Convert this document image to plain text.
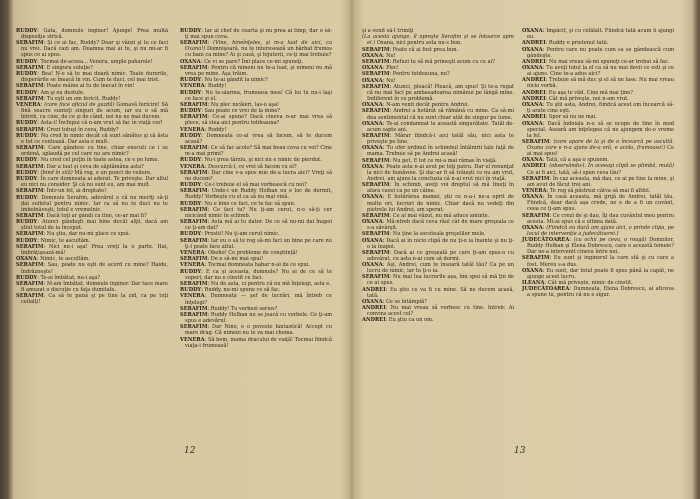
RUDDY: Gata, domnule inginer! Ajunge! Prea multă dispoziţie strică.

SERAFIM: Şi ce ai fac, Ruddy? Doar şi vânzi şi tu ce faci nu vrei. Dacă cazi am. Doamna mai ai tu, şi nu mi-ar fi spus ce ai spus.

RUDDY: Tocmai de-aceea... Venera, umple paharele!

SERAFIM: E singura soluţie?

RUDDY: Bea! N-o să te mai doară nimic. Toate durerile, disperările se îneacă în vin. Cum te duci, cel mai trist.

SERAFIM: Poate mâine ai tu de înecat în vin!

RUDDY: Am şi eu destule.

SERAFIM: Tu eşti un om fericit, Ruddy!

VENERA: (care face oficiul de gazdă) Gomavă fericire! Să fină soacre sunteţi singuri de acum, iar eu o să mă întreb, cu cine, de ce şi de când, noi nu ne mai ducem.

RUDDY: Asta-i! Închipui că n-am vrut să fac în viaţă cer!

SERAFIM: Crezi totuşi în ceva, Ruddy?

RUDDY: Nu cred în nimic decât că sunt sănătos şi că ăsta e tot ce contează. Dar asta e mult.

SERAFIM: Care gândesc cu tine, chiar executi ce i se ordonă, aplaudă pe cel care nu are nimic?

RUDDY: Nu cred cel puţin în toate astea, ce e pe lume.

SERAFIM: Dar a luat şi ceva de săptămâna asta?

RUDDY: (bind în silă) Mă rog, e un punct de vedere.

RUDDY: În care domneata ai aderat. Te priveşte. Dar altul eu nici nu consider. Şi că nu sunt eu, am mai mult.

SERAFIM: Într-un fel, ai dreptate!

RUDDY: Domnule Serafim, adevărul e că nu meriţi să-ţi dai sufletul pentru nimic. Iar ca să nu te duci nu te îmbolnăveşti, totul e vremelnic.

SERAFIM: Dacă toţi ar gândi ca tine, ce-ar mai fi?

RUDDY: Atunci gândeşti mai bine decât alţii, dacă am ştiut totul de la început.

SERAFIM: Nu ştiu, dar nu-mi place ce spui.

RUDDY: Nimic, te ascultăm.

SERAFIM: Nici nu-i aşa! Prea vreţi la o parte. Hai, îmbrăţişează-mă!

OXANA: Nimic, te ascultăm.

SERAFIM: Sau, poate nu eşti de acord cu mine? Haide, îndrăzneşte!

RUDDY: Te-ai îmbătat, nu-i aşa?

SERAFIM: M-am îmbătat, domnule inginer. Dar tace mare fi amuzat o discuţie cu faţa dumitale.

SERAFIM: Ca să te pună şi pe tine la zid, ca pe toţi ceilalţi!

RUDDY: Iar ai chef de cearta şi nu prea ai timp, dar o să-ţi mai spun ceva.

SERAFIM: (Vine, bineînţeles, şi m-a luat de aici, ca Oxana!) Domnişoară, nu te interesează un bărbat frumos cu bani ca mine? Ai şi casă, şi bijuterii, ce-ţi mai trebuie?

OXANA: Ce vi se pare? Îmi place ce-mi spuneţi.

SERAFIM: Pentru că nimeni nu te-a luat, şi nimeni nu mă vrea pe mine. Aşa trăim.

RUDDY: Nu te-ai gândit la nimic?

VENERA: Ruddy!

RUDDY: Nu te-alarma, frumoasa mea! Că lui tu nu-i laşi ce face şi el.

SERAFIM: Nu plec nicăieri, las-o aşa!

RUDDY: Sau poate ce vrei de la mine?

SERAFIM: Ce-ai spune? Dacă cineva n-ar mai vrea să plece, să stea aici pentru totdeauna?

VENERA: Ruddy!

RUDDY: Domneata ce-ai vrea să facem, să te ducem acasă?

SERAFIM: Ce să fac acolo? Să mai beau ceva cu voi? Cine m-a mai primi?

RUDDY: Nu-i prea târziu, şi nici nu e nimic de pierdut.

VENERA: Descurcă-l, ce vrei să facem cu el?

SERAFIM: Dar cine v-a spus mie de-a lucra aici? Vreţi să ne ducem?

RUDDY: Ce-i trebuie el să mai vorbească cu noi?

SERAFIM: Unde-i un Ruddy Holban nu e loc de dormit, Ruddy! Vorbeşte cu el ca să nu mai vină.

RUDDY: Nu e bine ce faci, ce te fac să spun.

SERAFIM: Ce faci tu? Nu ţi-am cerut, n-o să-ţi cer nicicând nimic în schimb.

SERAFIM: Asta mă ai tu dator. De ce să nu-mi dai înapoi ce ţi-am dat?

RUDDY: Prostii! Nu ţi-am cerut nimic.

SERAFIM: Iar eu o să te rog să-mi faci un bine pe care nu ţi-l poate face altul.

VENERA: Oboho! Ce probleme de conştiinţă!

SERAFIM: De o să-mi mai spui!

VENERA: Tocmai domneata habar n-ai de ce spui.

RUDDY: E ca şi aceasta, domnule? Nu ai de ce să te superi, dar nu e cinstit ce faci.

SERAFIM: Nu de asta, ci pentru că nu mă înţelegi, asta e.

RUDDY: Ruddy, nu-mi spune ce să fac.

VENERA: Dumneata — şef de lucrări, mă întreb ce înţelegi?

SERAFIM: Ruddy! Tu verbezi serios?

SERAFIM: Ruddy Holban nu se joacă cu vorbele. Ce ţi-am spus e adevărul.

SERAFIM: Dar Nino, e o poveste fantastică! Accept cu mare drag. Că nimeni nu te va mai chema.

VENERA: Să bem, mama dracului de viaţă! Tocmai fiindcă viaţa-i frumoasă!

şi a venit să-l trimiţi

(La acesta ajunge, îl opreşte Serafim şi se întoarce spre el.) Oxana, nici pentru asta nu-s bun.

SERAFIM: Poate că ai fost prea bun.

OXANA: Nu!

SERAFIM: Refuzi tu să mă primeşti acum cu ce ai?

OXANA: Plec!

SERAFIM: Pentru totdeauna, nu?

OXANA: Nu!

SERAFIM: Atunci, pleacă! Pleacă, am spus! Şi te-a rugat că nu mai faci pe ambasadoarea nimănui pe lângă mine. Indiferent în ce problemă.

OXANA: N-am venit decât pentru Andrei.

SERAFIM: Andrei a hotărât să rămână cu mine. Ca să-mi dea sentimentul că nu sunt chiar atât de singur pe lume.

OXANA: Te-ai condamnat la această singurătate. Tatăl de-acum sapte ani.

SERAFIM: Mărar fiindcă-i aici tatăl său, nici asta te priveşte pe tine.

OXANA: Tu ofer ordinul în schimbul întâlnirii tale faţă de mama. Trebuie să pe Andrei acasă!

SERAFIM: Nu pot. E tot ce mi-a mai rămas în viaţă.

OXANA: Poate asta n-ai avut pe toţi patru. Dar el renunţat la nici de bunăvoie. Şi dac-ar fi să trăieşti ce nu am vrut, Andrei, am ajuns la concluzia că n-ai vrut nici în viaţă.

SERAFIM: În schimb, aveţi voi dreptul să mă tineţi în afara casei ca pe un câine.

OXANA: E hotărârea mamei, ştii ce n-a-i ne-a oprit de multe ori, lucruri de nimic. Chiar dacă nu vedeţi din pietrele lui Andrei, am sperat.

SERAFIM: Ce ai mai văzut, nu mă aduce aminte.

OXANA: Mă-ntreb dacă ceva răul cât de mare greşeala ce s-a săvârşit.

SERAFIM: Nu ţine la socoteala greşelilor mele.

OXANA: Dacă ai în nicio clipă de nu ţi-o ia înainte şi nu ţi-o ia înapoi.

SERAFIM: Dacă ai ce greşeală pe care ţi-am spus-o cu adevărat, cu asta n-ai cum să dormi.

OXANA: Aşi, Andrei, cum te însoară tatăl tău? Ca pe un lucru de nimic, iar tu ţi-o ia.

SERAFIM: Nu mai lua lucrurile aşa, îmi spui să mă ţin de ce ai spus.

ANDREI: Eu ştiu ce va fi cu mine. Să ne ducem acasă, tată.

OXANA: Ce se întâmplă?

ANDREI: Nu mai vreau să vorbesc cu tine. Intreb: Ai convins acest cel?

ANDREI: Eu ştiu ca un om.

OXANA: Impăcit, şi cu celălalt. Fiindcă tată acum îi ajungi eu.

ANDREI: Ruddy e prietenul tatii.

OXANA: Pentru care nu poate cum sa se gândească cum gândeşte.

ANDREI: Nu mai vreau să-mi spuneţi ce-ar trebui să fac.

OXANA: Tu aveţi totul la el ca să nu mai devii ce esti şi ce ai ajuns. Cine te-a adus aici?

ANDREI: Trebuie să mă duc şi el să ne lase. Nu mai vreau nicio vorbă.

ANDREI: Eu aşa te văd. Cine mă mai ţine?

ANDREI: Cât mă priveşte, noi n-am vrut.

OXANA: Tu ştii asta, Andrei, fiindcă acest om încearcă să-ţi arate cine eşti.

ANDREI: Spor să nu ne mai.

OXANA: Dacă îndoiala n-o să se ocupe de tine în mod special. Aseară am înţelegea că ne ajungem de-o vreme la fel.

SERAFIM: (care apare de la şi de o încearcă pe ascultă. Oxana care e n-a ajuns de-o oră, e acolo, frumoaso!) Ce ai mai spus!

OXANA: Tată, că a aşa o spunem.

ANDREI: (observându-l. În aceeaşi clipă se plimbă, mută) Ce ai fi aici, tată, să-i spun ceva tău?

SERAFIM: În caz aceasta, mă dau, ce ai pe tine la mine, şi am avut de făcut trei ani.

VENERA: Te rog să păstrezi câtva să mai fi altfel.

OXANA: În casă aceasta, mă grijă de Andrei, tatăl tău. Fiindcă, doar dacă aşa crede, ne e de a fi un cuvânt, ceea ce ţi-am spus.

SERAFIM: Ce crezi de şi dau, îţi dau cuvântul meu pentru acesta. Mi-ai spus că e ultima dată.

OXANA: (Fiindcă eu dacă am ajuns aici, o prinde clipa, pe locul de intervenţie a judecătoarei.)

JUDECĂTOAREA: (cu ochii pe ceva, o roagă) Domnilor, Ruddy Holban şi Elena Dobrescu, care e această femeie? Dar ne-a intervenit cineva între noi.

SERAFIM: Eu sunt şi inginerul la care stă şi cu care a fost. Mereu s-a dus.

OXANA: Eu sunt, dar totul poate fi spus până la capăt, ne ajunge acest lucru.

ILEANA: Cât mă priveşte, nimic de cinstit.

JUDECĂTOAREA: Dumneata, Elena Dobrescu, ai altceva a spune tu, pentru că nu e sigur.

12	13
